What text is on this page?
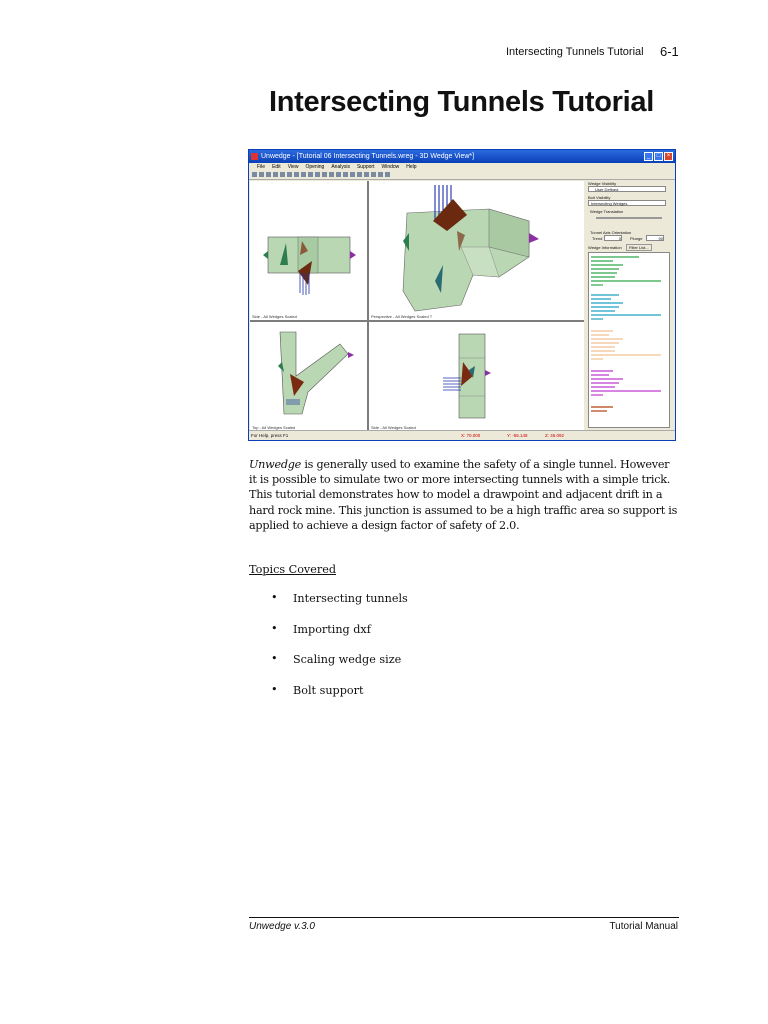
Intersecting Tunnels Tutorial 6-1
Intersecting Tunnels Tutorial
Unwedge - [Tutorial 06 Intersecting Tunnels.wreg - 3D Wedge View*]	_	□	×
File Edit View Opening Analysis Support Window Help
Side - All Wedges Scaled	Perspective - All Wedges Scaled T
Top - All Wedges Scaled	Side - All Wedges Scaled
Wedge Visibility
User Defined
Bolt Visibility
Intersecting Wedges
Wedge Translation
Tunnel Axis Orientation
Trend	0 Plunge	90
Wedge Information	Filter List...
For Help, press F1	X: 70.000	Y: -55.148	Z: 46.092
Unwedge is generally used to examine the safety of a single tunnel. However it is possible to simulate two or more intersecting tunnels with a simple trick. This tutorial demonstrates how to model a drawpoint and adjacent drift in a hard rock mine. This junction is assumed to be a high traffic area so support is applied to achieve a design factor of safety of 2.0.
Topics Covered
• Intersecting tunnels
• Importing dxf
• Scaling wedge size
• Bolt support
Unwedge v.3.0	Tutorial Manual
